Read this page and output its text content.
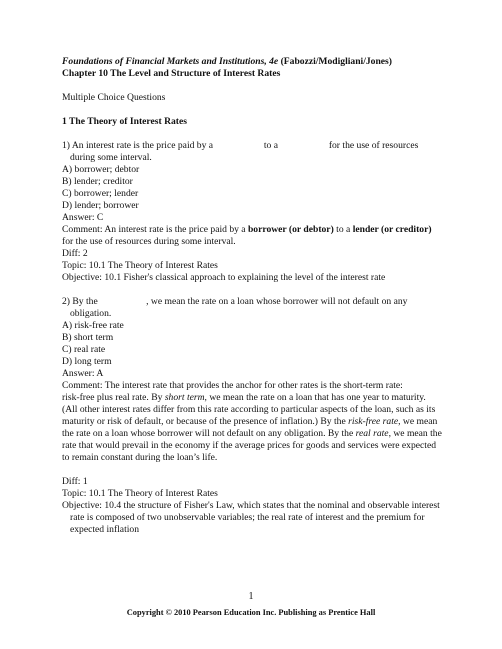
Foundations of Financial Markets and Institutions, 4e (Fabozzi/Modigliani/Jones)

Chapter 10 The Level and Structure of Interest Rates

Multiple Choice Questions

1 The Theory of Interest Rates

1) An interest rate is the price paid by a	to a	for the use of resources during some interval.

A) borrower; debtor

B) lender; creditor

C) borrower; lender

D) lender; borrower

Answer: C

Comment: An interest rate is the price paid by a borrower (or debtor) to a lender (or creditor) for the use of resources during some interval.

Diff: 2

Topic: 10.1 The Theory of Interest Rates

Objective: 10.1 Fisher's classical approach to explaining the level of the interest rate

2) By the	, we mean the rate on a loan whose borrower will not default on any obligation.

A) risk-free rate

B) short term

C) real rate

D) long term

Answer: A

Comment: The interest rate that provides the anchor for other rates is the short-term rate:

risk-free plus real rate. By short term, we mean the rate on a loan that has one year to maturity. (All other interest rates differ from this rate according to particular aspects of the loan, such as its maturity or risk of default, or because of the presence of inflation.) By the risk-free rate, we mean the rate on a loan whose borrower will not default on any obligation. By the real rate, we mean the rate that would prevail in the economy if the average prices for goods and services were expected to remain constant during the loan’s life.

Diff: 1

Topic: 10.1 The Theory of Interest Rates

Objective: 10.4 the structure of Fisher's Law, which states that the nominal and observable interest rate is composed of two unobservable variables; the real rate of interest and the premium for expected inflation

1
Copyright © 2010 Pearson Education Inc. Publishing as Prentice Hall
